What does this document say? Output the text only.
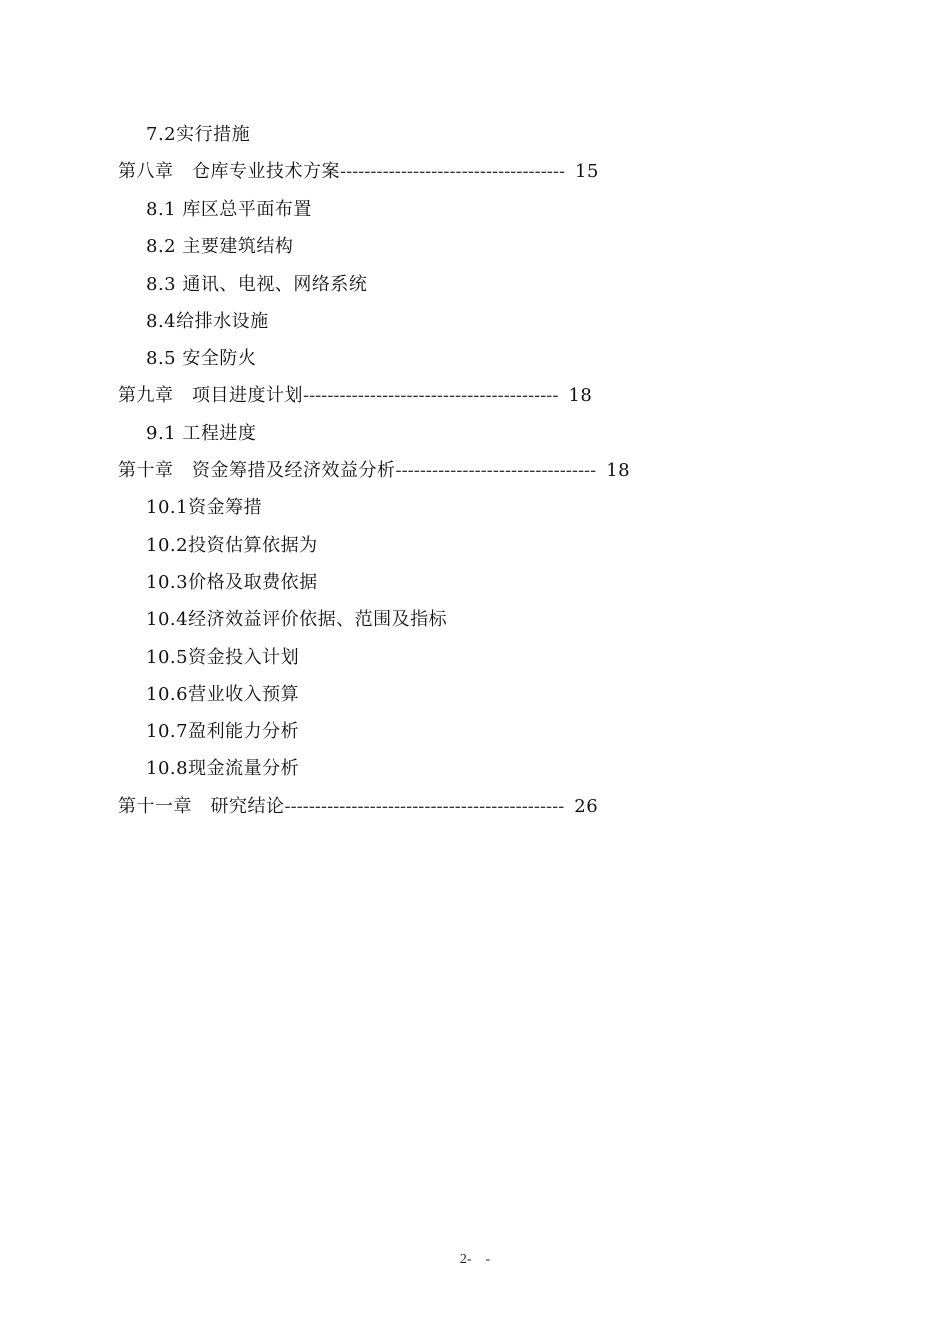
7.2实行措施
第八章　仓库专业技术方案------------------------------------- 15
8.1 库区总平面布置
8.2 主要建筑结构
8.3 通讯、电视、网络系统
8.4给排水设施
8.5 安全防火
第九章　项目进度计划------------------------------------------ 18
9.1 工程进度
第十章　资金筹措及经济效益分析--------------------------------- 18
10.1资金筹措
10.2投资估算依据为
10.3价格及取费依据
10.4经济效益评价依据、范围及指标
10.5资金投入计划
10.6营业收入预算
10.7盈利能力分析
10.8现金流量分析
第十一章　研究结论---------------------------------------------- 26
2-　-
